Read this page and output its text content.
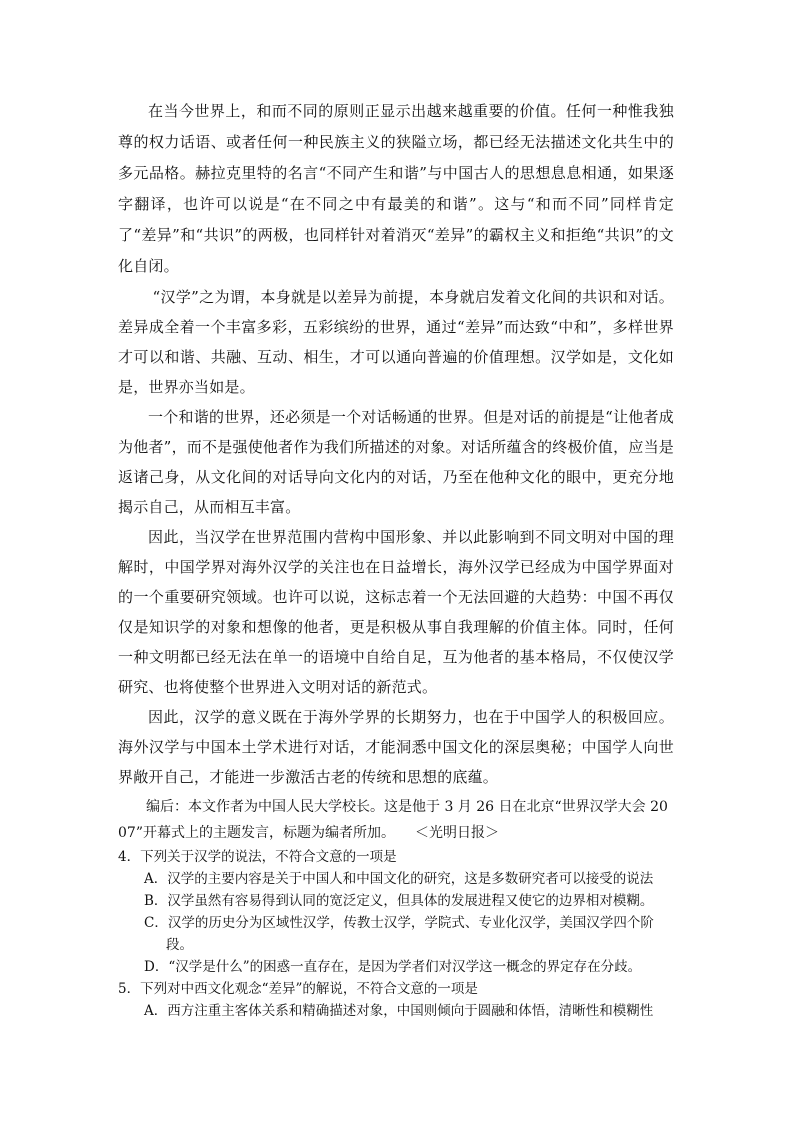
在当今世界上，和而不同的原则正显示出越来越重要的价值。任何一种惟我独尊的权力话语、或者任何一种民族主义的狭隘立场，都已经无法描述文化共生中的多元品格。赫拉克里特的名言“不同产生和谐”与中国古人的思想息息相通，如果逐字翻译，也许可以说是“在不同之中有最美的和谐”。这与“和而不同”同样肯定了“差异”和“共识”的两极，也同样针对着消灭“差异”的霸权主义和拒绝“共识”的文化自闭。

“汉学”之为谓，本身就是以差异为前提，本身就启发着文化间的共识和对话。差异成全着一个丰富多彩，五彩缤纷的世界，通过“差异”而达致“中和”，多样世界才可以和谐、共融、互动、相生，才可以通向普遍的价值理想。汉学如是，文化如是，世界亦当如是。

一个和谐的世界，还必须是一个对话畅通的世界。但是对话的前提是“让他者成为他者”，而不是强使他者作为我们所描述的对象。对话所蕴含的终极价值，应当是返诸己身，从文化间的对话导向文化内的对话，乃至在他种文化的眼中，更充分地揭示自己，从而相互丰富。

因此，当汉学在世界范围内营构中国形象、并以此影响到不同文明对中国的理解时，中国学界对海外汉学的关注也在日益增长，海外汉学已经成为中国学界面对的一个重要研究领域。也许可以说，这标志着一个无法回避的大趋势：中国不再仅仅是知识学的对象和想像的他者，更是积极从事自我理解的价值主体。同时，任何一种文明都已经无法在单一的语境中自给自足，互为他者的基本格局，不仅使汉学研究、也将使整个世界进入文明对话的新范式。

因此，汉学的意义既在于海外学界的长期努力，也在于中国学人的积极回应。海外汉学与中国本土学术进行对话，才能洞悉中国文化的深层奥秘；中国学人向世界敞开自己，才能进一步激活古老的传统和思想的底蕴。

编后：本文作者为中国人民大学校长。这是他于 3 月 26 日在北京“世界汉学大会 2007”开幕式上的主题发言，标题为编者所加。 ＜光明日报＞

4．下列关于汉学的说法，不符合文意的一项是

A．汉学的主要内容是关于中国人和中国文化的研究，这是多数研究者可以接受的说法

B．汉学虽然有容易得到认同的宽泛定义，但具体的发展进程又使它的边界相对模糊。

C．汉学的历史分为区域性汉学，传教士汉学，学院式、专业化汉学，美国汉学四个阶
段。

D．“汉学是什么”的困惑一直存在，是因为学者们对汉学这一概念的界定存在分歧。

5．下列对中西文化观念“差异”的解说，不符合文意的一项是

A．西方注重主客体关系和精确描述对象，中国则倾向于圆融和体悟，清晰性和模糊性
